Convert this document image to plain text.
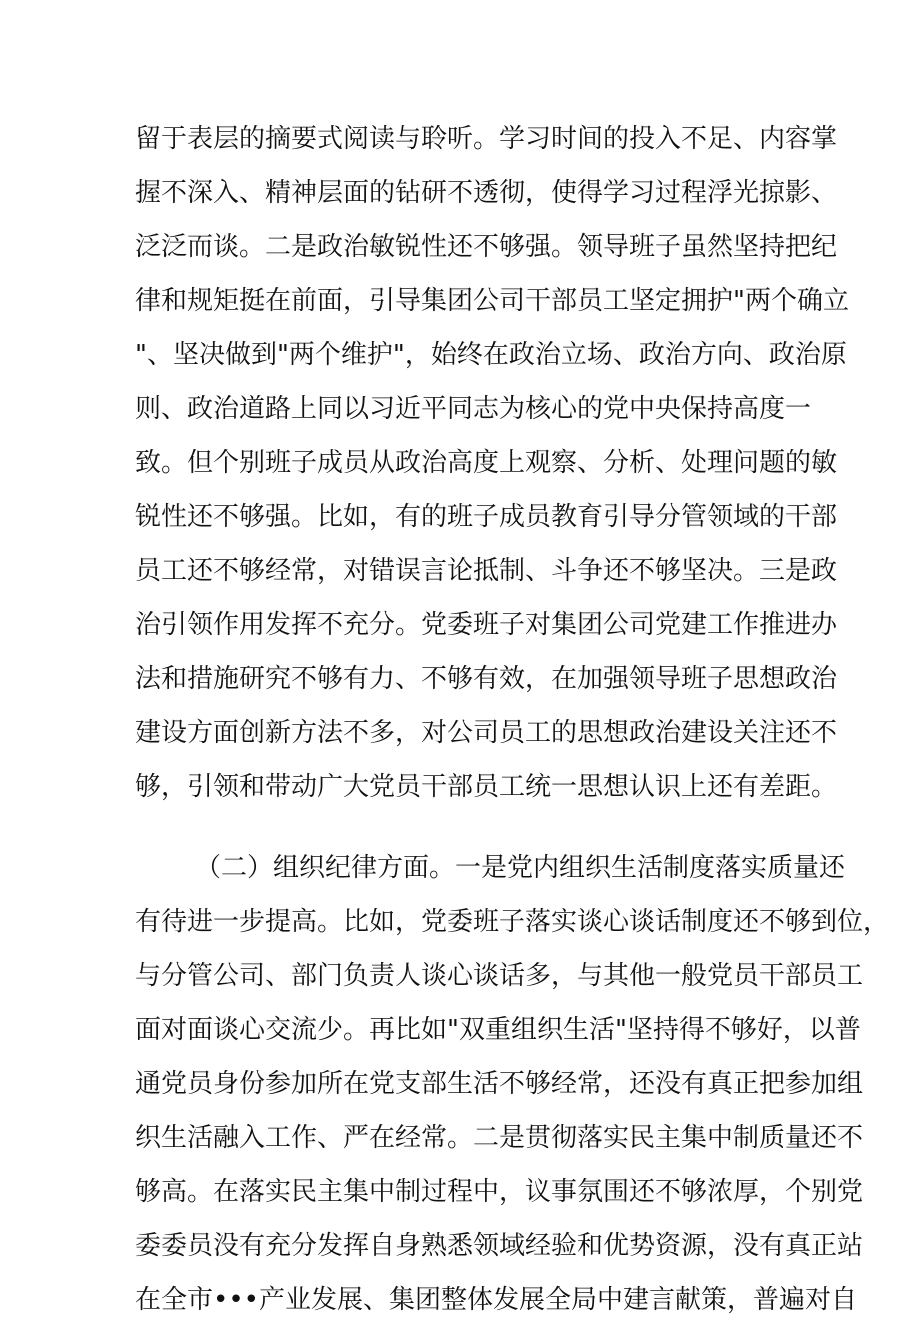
留于表层的摘要式阅读与聆听。学习时间的投入不足、内容掌
握不深入、精神层面的钻研不透彻，使得学习过程浮光掠影、
泛泛而谈。二是政治敏锐性还不够强。领导班子虽然坚持把纪
律和规矩挺在前面，引导集团公司干部员工坚定拥护"两个确立
"、坚决做到"两个维护"，始终在政治立场、政治方向、政治原
则、政治道路上同以习近平同志为核心的党中央保持高度一
致。但个别班子成员从政治高度上观察、分析、处理问题的敏
锐性还不够强。比如，有的班子成员教育引导分管领域的干部
员工还不够经常，对错误言论抵制、斗争还不够坚决。三是政
治引领作用发挥不充分。党委班子对集团公司党建工作推进办
法和措施研究不够有力、不够有效，在加强领导班子思想政治
建设方面创新方法不多，对公司员工的思想政治建设关注还不
够，引领和带动广大党员干部员工统一思想认识上还有差距。
（二）组织纪律方面。一是党内组织生活制度落实质量还
有待进一步提高。比如，党委班子落实谈心谈话制度还不够到位，
与分管公司、部门负责人谈心谈话多，与其他一般党员干部员工
面对面谈心交流少。再比如"双重组织生活"坚持得不够好，以普
通党员身份参加所在党支部生活不够经常，还没有真正把参加组
织生活融入工作、严在经常。二是贯彻落实民主集中制质量还不
够高。在落实民主集中制过程中，议事氛围还不够浓厚，个别党
委委员没有充分发挥自身熟悉领域经验和优势资源，没有真正站
在全市•••产业发展、集团整体发展全局中建言献策，普遍对自
